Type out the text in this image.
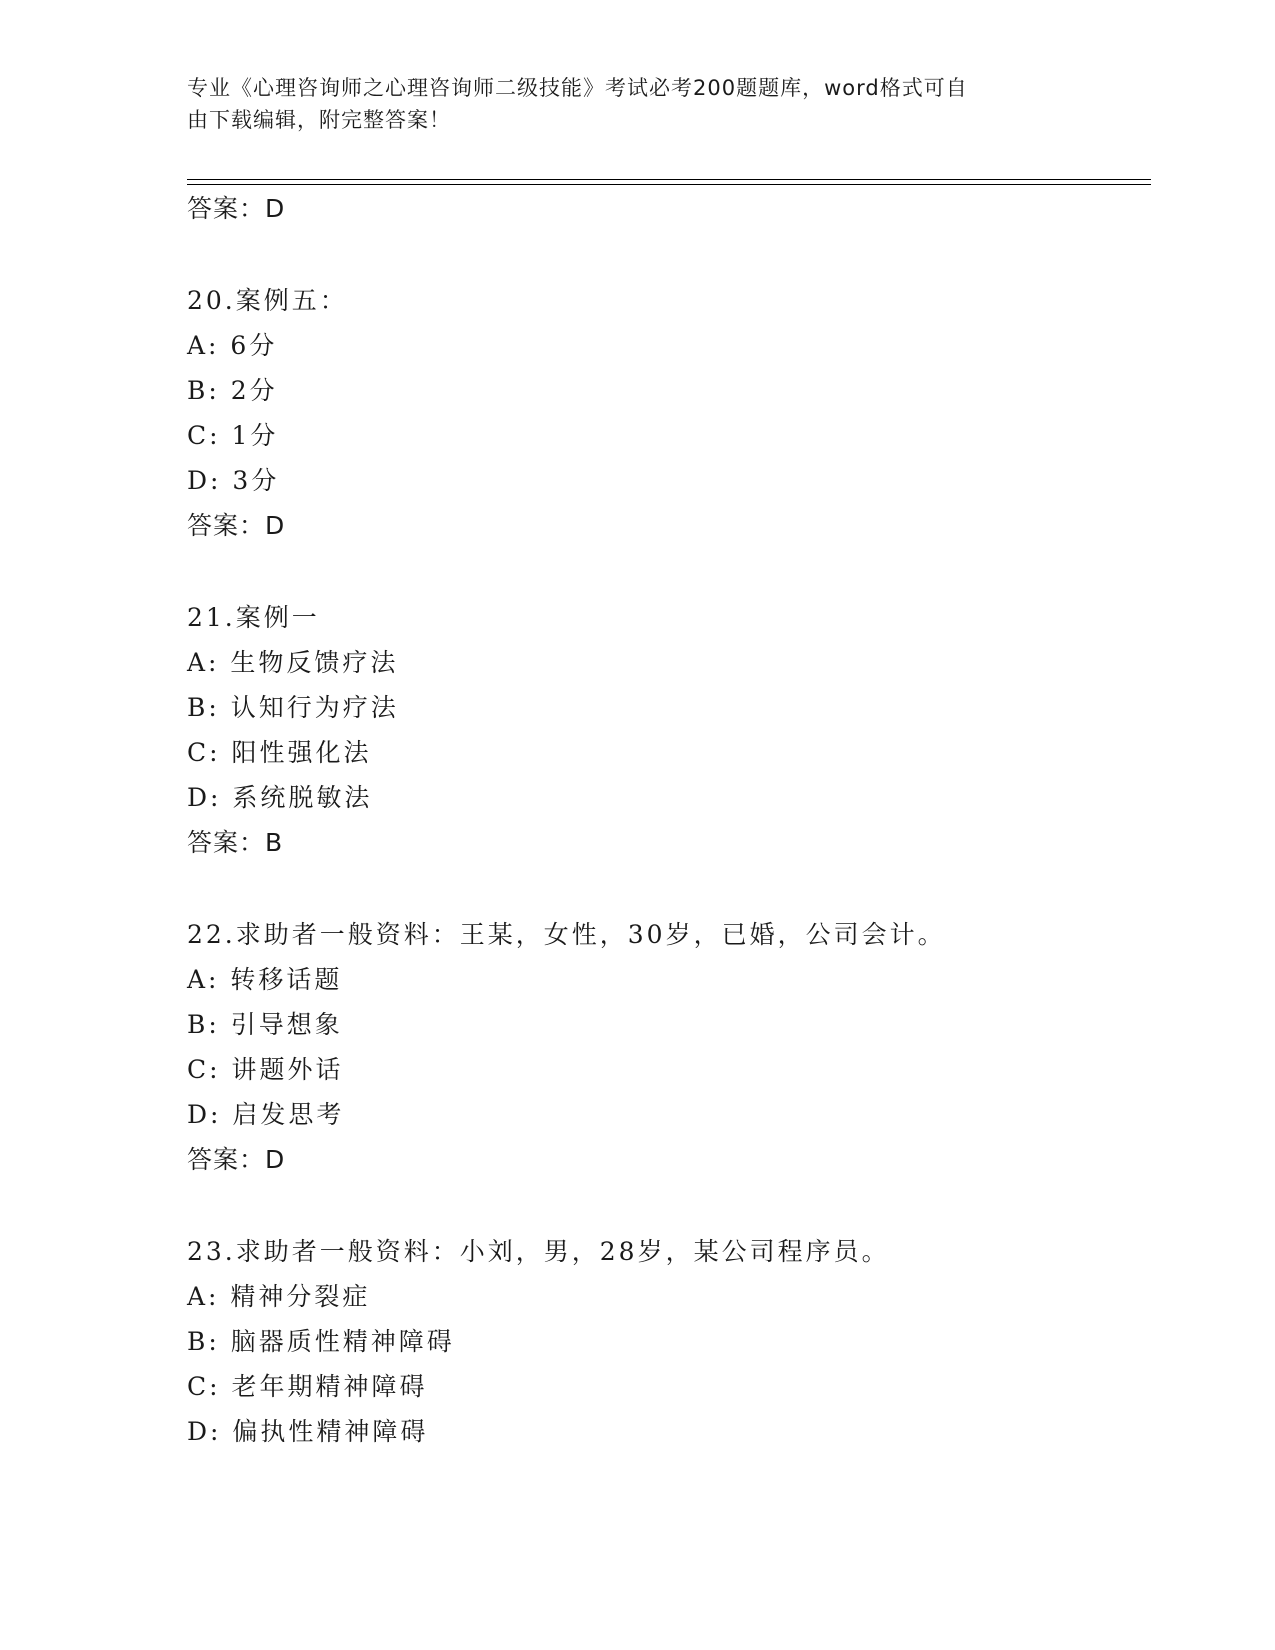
专业《心理咨询师之心理咨询师二级技能》考试必考200题题库，word格式可自
由下载编辑，附完整答案！
答案：D
20.案例五：
A: 6分
B: 2分
C: 1分
D: 3分
答案：D
21.案例一
A: 生物反馈疗法
B: 认知行为疗法
C: 阳性强化法
D: 系统脱敏法
答案：B
22.求助者一般资料：王某，女性，30岁，已婚，公司会计。
A: 转移话题
B: 引导想象
C: 讲题外话
D: 启发思考
答案：D
23.求助者一般资料：小刘，男，28岁，某公司程序员。
A: 精神分裂症
B: 脑器质性精神障碍
C: 老年期精神障碍
D: 偏执性精神障碍
